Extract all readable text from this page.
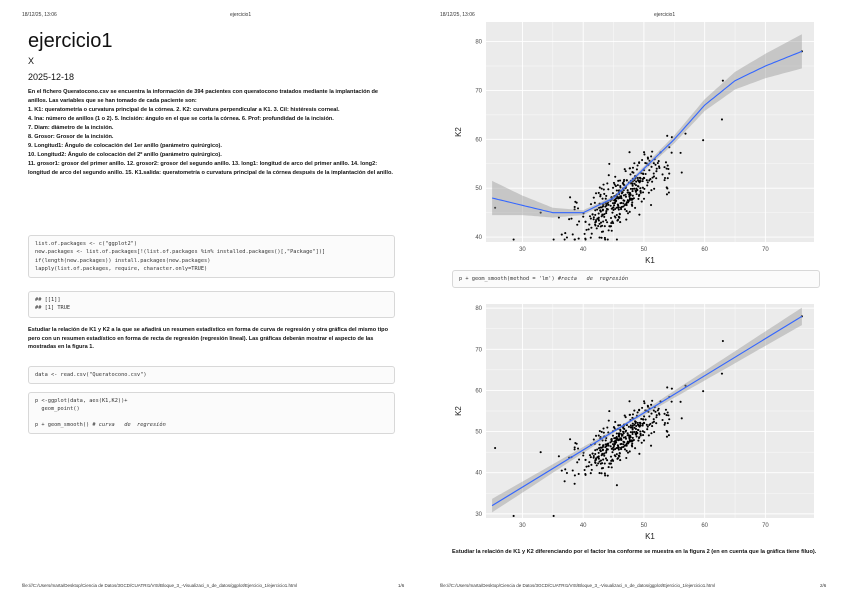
18/12/25, 13:06	ejercicio1
ejercicio1
X
2025-12-18

En el fichero Queratocono.csv se encuentra la información de 394 pacientes con queratocono tratados mediante la implantación de anillos. Las variables que se han tomado de cada paciente son:

1. K1: queratometría o curvatura principal de la córnea. 2. K2: curvatura perpendicular a K1. 3. Cil: histéresis corneal.

4. Ina: número de anillos (1 o 2). 5. Incisión: ángulo en el que se corta la córnea. 6. Prof: profundidad de la incisión.

7. Diam: diámetro de la incisión.

8. Grosor: Grosor de la incisión.

9. Longitud1: Ángulo de colocación del 1er anillo (parámetro quirúrgico).

10. Longitud2: Ángulo de colocación del 2º anillo (parámetro quirúrgico).

11. grosor1: grosor del primer anillo. 12. grosor2: grosor del segundo anillo. 13. long1: longitud de arco del primer anillo. 14. long2: longitud de arco del segundo anillo. 15. K1.salida: queratometría o curvatura principal de la córnea después de la implantación del anillo.

list.of.packages <- c("ggplot2")
new.packages <- list.of.packages[!(list.of.packages %in% installed.packages()[,"Package"])]
if(length(new.packages)) install.packages(new.packages)
lapply(list.of.packages, require, character.only=TRUE)
## [[1]]
## [1] TRUE
Estudiar la relación de K1 y K2 a la que se añadirá un resumen estadístico en forma de curva de regresión y otra gráfica del mismo tipo pero con un resumen estadístico en forma de recta de regresión (regresión lineal). Las gráficas deberán mostrar el aspecto de las mostradas en la figura 1.
data <- read.csv("Queratocono.csv")
p <-ggplot(data, aes(K1,K2))+
geom_point()
p + geom_smooth() # curva   de  regresión
file:///C:/Users/marta/Desktop/Ciencia de Datos/3GCD/CUATRI1/VIS/Bloque_3_-Visualizaci_n_de_datos/ggplot/Ejercicio_1/ejercicio1.html	1/6
18/12/25, 13:06	ejercicio1
file:///C:/Users/marta/Desktop/Ciencia de Datos/3GCD/CUATRI1/VIS/Bloque_3_-Visualizaci_n_de_datos/ggplot/Ejercicio_1/ejercicio1.html	2/6
30	40	50	60	70
40
50
60
70
80
K1
K2
p + geom_smooth(method = 'lm') #recta   de  regresión
30	40	50	60	70
30
40
50
60
70
80
K1
K2
Estudiar la relación de K1 y K2 diferenciando por el factor Ina conforme se muestra en la figura 2 (en en cuenta que la gráfica tiene filuo).
